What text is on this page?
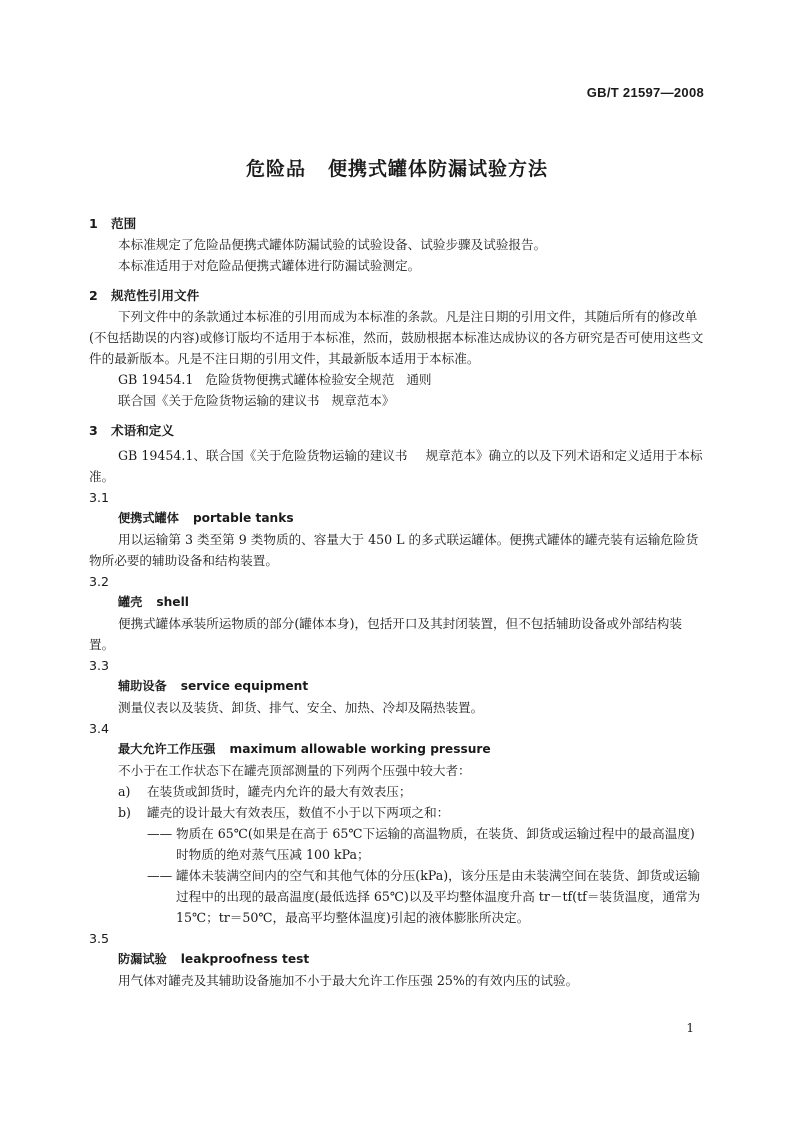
GB/T 21597—2008
危险品 便携式罐体防漏试验方法
1 范围

本标准规定了危险品便携式罐体防漏试验的试验设备、试验步骤及试验报告。

本标准适用于对危险品便携式罐体进行防漏试验测定。

2 规范性引用文件

下列文件中的条款通过本标准的引用而成为本标准的条款。凡是注日期的引用文件，其随后所有的修改单(不包括勘误的内容)或修订版均不适用于本标准，然而，鼓励根据本标准达成协议的各方研究是否可使用这些文件的最新版本。凡是不注日期的引用文件，其最新版本适用于本标准。

GB 19454.1 危险货物便携式罐体检验安全规范 通则

联合国《关于危险货物运输的建议书 规章范本》

3 术语和定义

GB 19454.1、联合国《关于危险货物运输的建议书 规章范本》确立的以及下列术语和定义适用于本标准。

3.1
便携式罐体 portable tanks

用以运输第 3 类至第 9 类物质的、容量大于 450 L 的多式联运罐体。便携式罐体的罐壳装有运输危险货物所必要的辅助设备和结构装置。

3.2
罐壳 shell

便携式罐体承装所运物质的部分(罐体本身)，包括开口及其封闭装置，但不包括辅助设备或外部结构装置。

3.3
辅助设备 service equipment

测量仪表以及装货、卸货、排气、安全、加热、冷却及隔热装置。

3.4
最大允许工作压强 maximum allowable working pressure

不小于在工作状态下在罐壳顶部测量的下列两个压强中较大者：

a)	在装货或卸货时，罐壳内允许的最大有效表压；
b)	罐壳的设计最大有效表压，数值不小于以下两项之和：
—— 物质在 65℃(如果是在高于 65℃下运输的高温物质，在装货、卸货或运输过程中的最高温度)时物质的绝对蒸气压减 100 kPa；
—— 罐体未装满空间内的空气和其他气体的分压(kPa)，该分压是由未装满空间在装货、卸货或运输过程中的出现的最高温度(最低选择 65℃)以及平均整体温度升高 tr－tf(tf＝装货温度，通常为 15℃；tr＝50℃，最高平均整体温度)引起的液体膨胀所决定。
3.5
防漏试验 leakproofness test

用气体对罐壳及其辅助设备施加不小于最大允许工作压强 25%的有效内压的试验。

1
